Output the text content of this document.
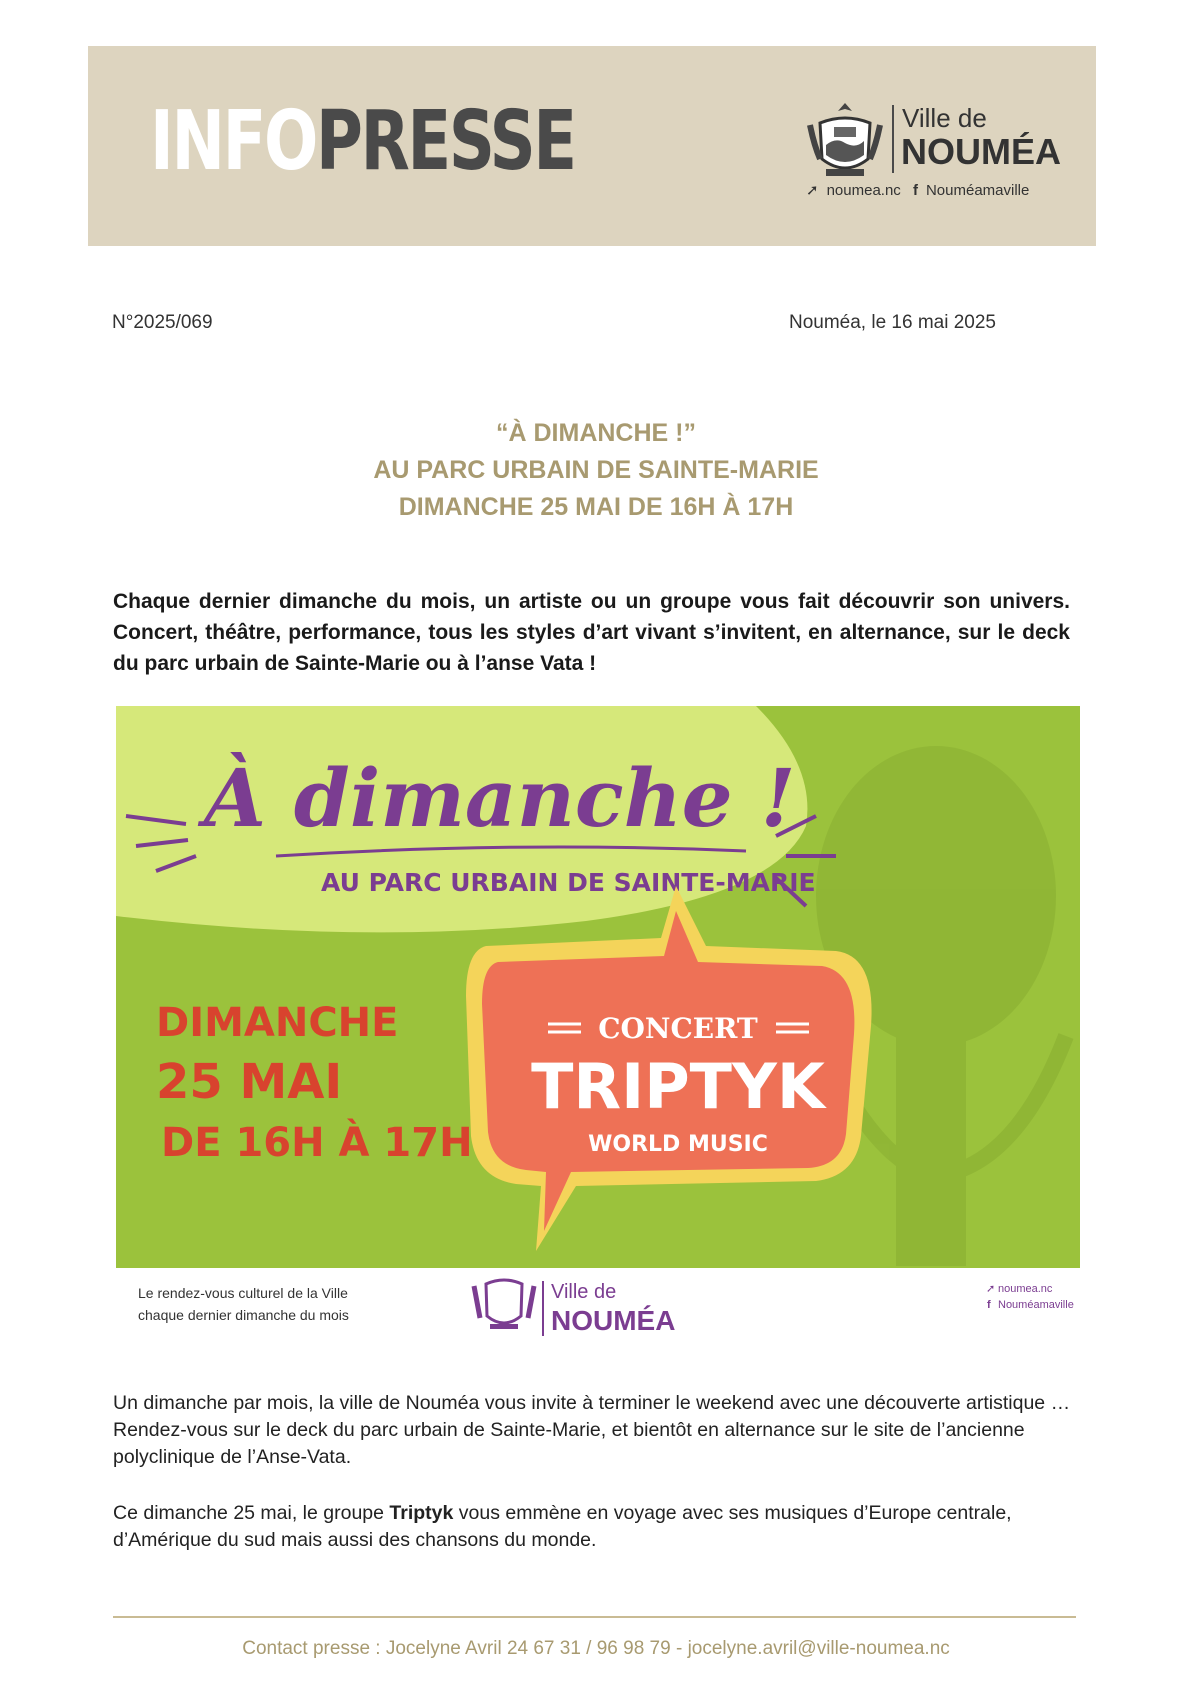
INFOPRESSE	Ville de
NOUMÉA
➚ noumea.nc f Nouméamaville
N°2025/069	Nouméa, le 16 mai 2025
“À DIMANCHE !”
AU PARC URBAIN DE SAINTE-MARIE
DIMANCHE 25 MAI DE 16H À 17H
Chaque dernier dimanche du mois, un artiste ou un groupe vous fait découvrir son univers. Concert, théâtre, performance, tous les styles d’art vivant s’invitent, en alternance, sur le deck du parc urbain de Sainte-Marie ou à l’anse Vata !
À dimanche !
AU PARC URBAIN DE SAINTE-MARIE
DIMANCHE
25 MAI
DE 16H À 17H
CONCERT
TRIPTYK
WORLD MUSIC
Le rendez-vous culturel de la Ville
chaque dernier dimanche du mois
Ville de
NOUMÉA
➚ noumea.nc
f Nouméamaville
Un dimanche par mois, la ville de Nouméa vous invite à terminer le weekend avec une découverte artistique … Rendez-vous sur le deck du parc urbain de Sainte-Marie, et bientôt en alternance sur le site de l’ancienne polyclinique de l’Anse-Vata.
Ce dimanche 25 mai, le groupe Triptyk vous emmène en voyage avec ses musiques d’Europe centrale, d’Amérique du sud mais aussi des chansons du monde.
Contact presse : Jocelyne Avril 24 67 31 / 96 98 79 - jocelyne.avril@ville-noumea.nc
